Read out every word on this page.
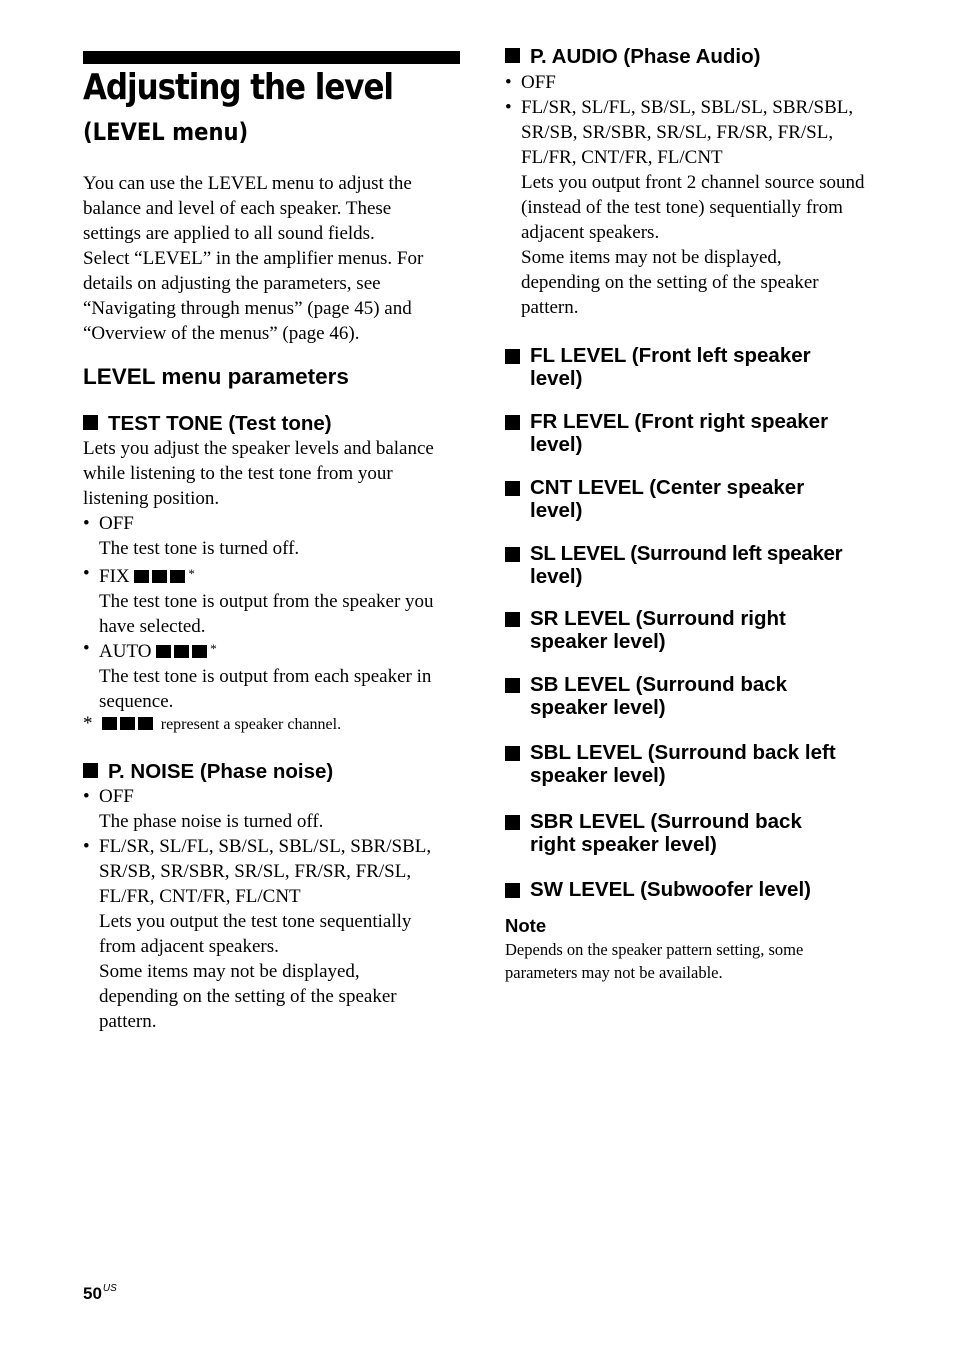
Adjusting the level
(LEVEL menu)
You can use the LEVEL menu to adjust the
balance and level of each speaker. These
settings are applied to all sound fields.
Select “LEVEL” in the amplifier menus. For
details on adjusting the parameters, see
“Navigating through menus” (page 45) and
“Overview of the menus” (page 46).
LEVEL menu parameters
TEST TONE (Test tone)
Lets you adjust the speaker levels and balance
while listening to the test tone from your
listening position.
• OFF
The test tone is turned off.
• FIX	*
The test tone is output from the speaker you
have selected.
• AUTO	*
The test tone is output from each speaker in
sequence.
*	represent a speaker channel.
P. NOISE (Phase noise)
• OFF
The phase noise is turned off.
• FL/SR, SL/FL, SB/SL, SBL/SL, SBR/SBL,
SR/SB, SR/SBR, SR/SL, FR/SR, FR/SL,
FL/FR, CNT/FR, FL/CNT
Lets you output the test tone sequentially
from adjacent speakers.
Some items may not be displayed,
depending on the setting of the speaker
pattern.
P. AUDIO (Phase Audio)
• OFF
• FL/SR, SL/FL, SB/SL, SBL/SL, SBR/SBL,
SR/SB, SR/SBR, SR/SL, FR/SR, FR/SL,
FL/FR, CNT/FR, FL/CNT
Lets you output front 2 channel source sound
(instead of the test tone) sequentially from
adjacent speakers.
Some items may not be displayed,
depending on the setting of the speaker
pattern.
FL LEVEL (Front left speaker
level)
FR LEVEL (Front right speaker
level)
CNT LEVEL (Center speaker
level)
SL LEVEL (Surround left speaker
level)
SR LEVEL (Surround right
speaker level)
SB LEVEL (Surround back
speaker level)
SBL LEVEL (Surround back left
speaker level)
SBR LEVEL (Surround back
right speaker level)
SW LEVEL (Subwoofer level)
Note
Depends on the speaker pattern setting, some
parameters may not be available.
$50^{US}$
